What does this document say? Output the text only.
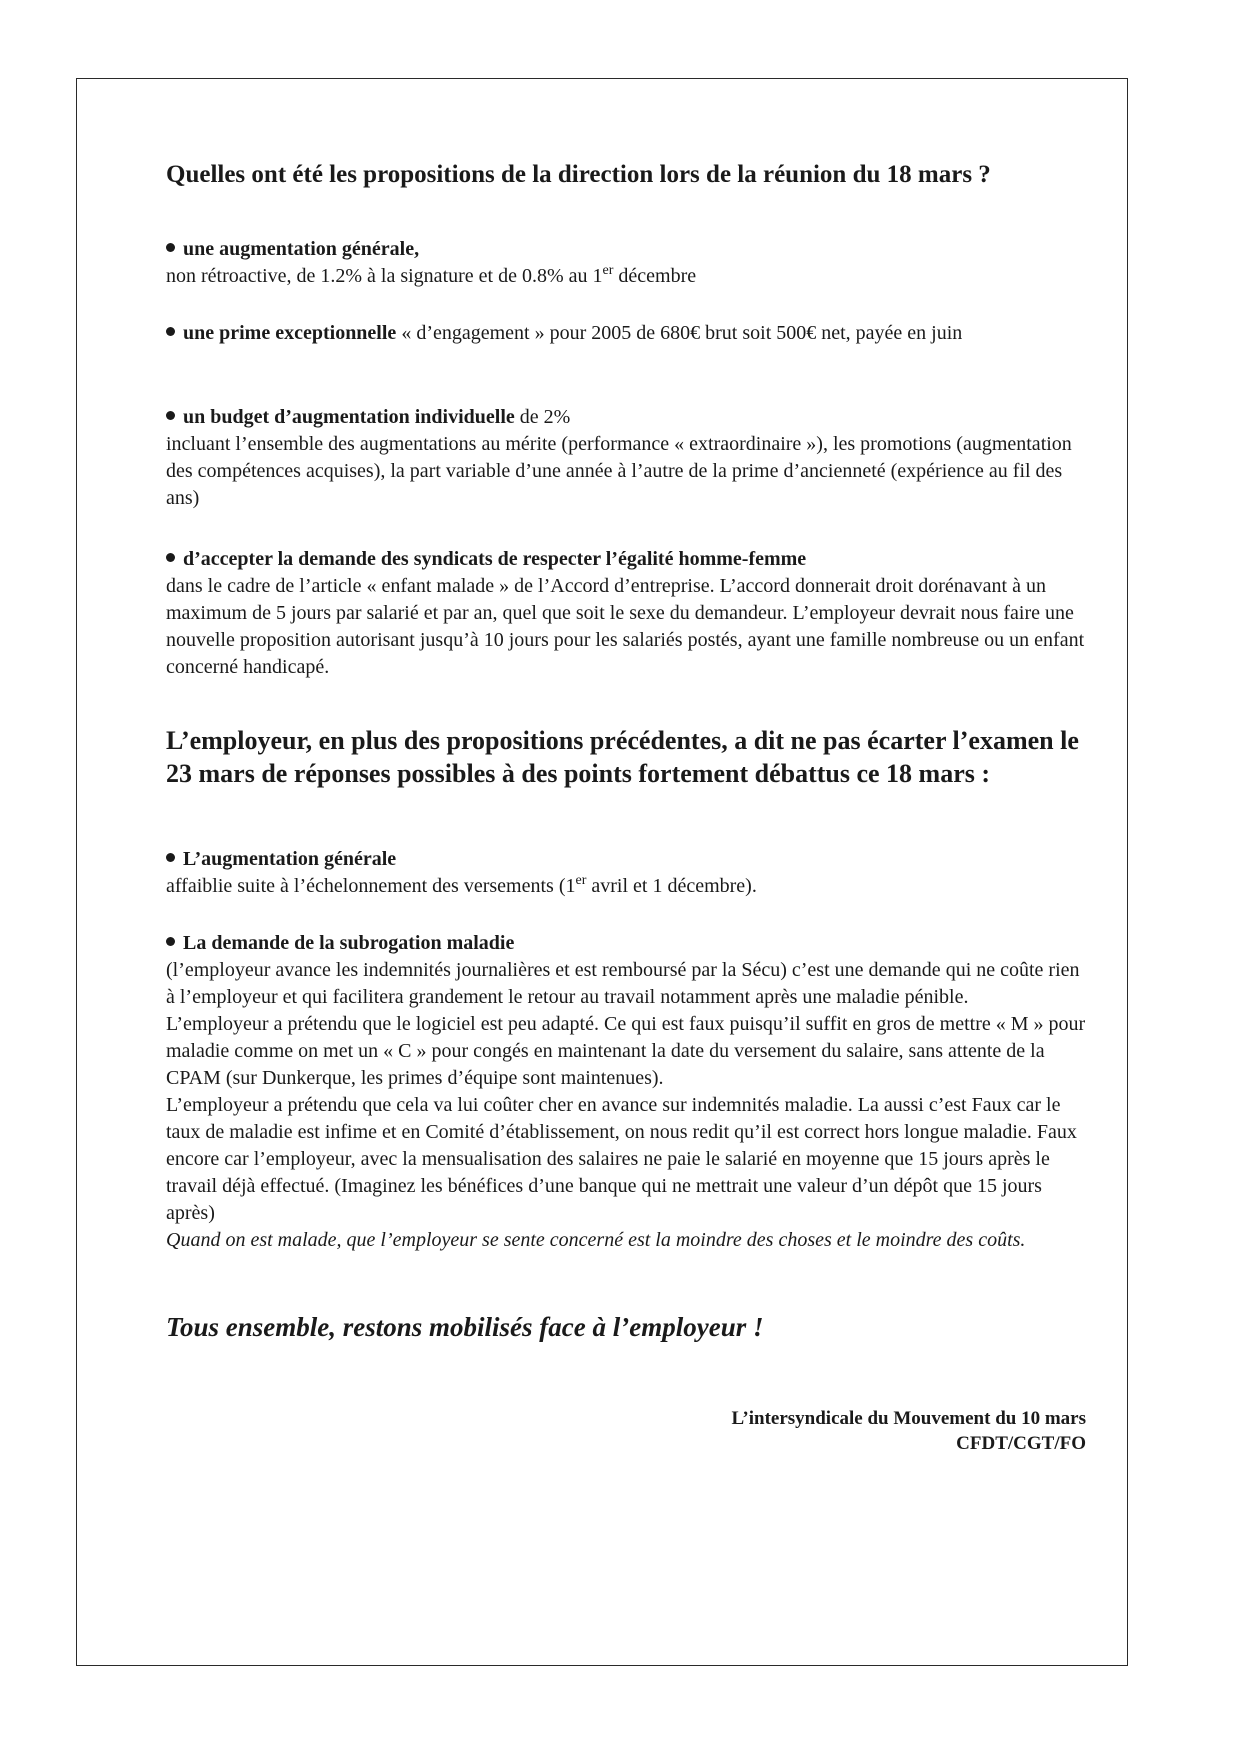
Quelles ont été les propositions de la direction lors de la réunion du 18 mars ?
une augmentation générale,
non rétroactive, de 1.2% à la signature et de 0.8% au 1er décembre
une prime exceptionnelle « d’engagement » pour 2005 de 680€ brut soit 500€ net, payée en juin
un budget d’augmentation individuelle de 2%
incluant l’ensemble des augmentations au mérite (performance « extraordinaire »), les promotions (augmentation des compétences acquises), la part variable d’une année à l’autre de la prime d’ancienneté (expérience au fil des ans)
d’accepter la demande des syndicats de respecter l’égalité homme-femme
dans le cadre de l’article « enfant malade » de l’Accord d’entreprise. L’accord donnerait droit dorénavant à un maximum de 5 jours par salarié et par an, quel que soit le sexe du demandeur. L’employeur devrait nous faire une nouvelle proposition autorisant jusqu’à 10 jours pour les salariés postés, ayant une famille nombreuse ou un enfant concerné handicapé.
L’employeur, en plus des propositions précédentes, a dit ne pas écarter l’examen le 23 mars de réponses possibles à des points fortement débattus ce 18 mars :
L’augmentation générale
affaiblie suite à l’échelonnement des versements (1er avril et 1 décembre).
La demande de la subrogation maladie
(l’employeur avance les indemnités journalières et est remboursé par la Sécu) c’est une demande qui ne coûte rien à l’employeur et qui facilitera grandement le retour au travail notamment après une maladie pénible.
L’employeur a prétendu que le logiciel est peu adapté. Ce qui est faux puisqu’il suffit en gros de mettre « M » pour maladie comme on met un « C » pour congés en maintenant la date du versement du salaire, sans attente de la CPAM (sur Dunkerque, les primes d’équipe sont maintenues).
L’employeur a prétendu que cela va lui coûter cher en avance sur indemnités maladie. La aussi c’est Faux car le taux de maladie est infime et en Comité d’établissement, on nous redit qu’il est correct hors longue maladie. Faux encore car l’employeur, avec la mensualisation des salaires ne paie le salarié en moyenne que 15 jours après le travail déjà effectué. (Imaginez les bénéfices d’une banque qui ne mettrait une valeur d’un dépôt que 15 jours après)
Quand on est malade, que l’employeur se sente concerné est la moindre des choses et le moindre des coûts.
Tous ensemble, restons mobilisés face à l’employeur !
L’intersyndicale du Mouvement du 10 mars
CFDT/CGT/FO
